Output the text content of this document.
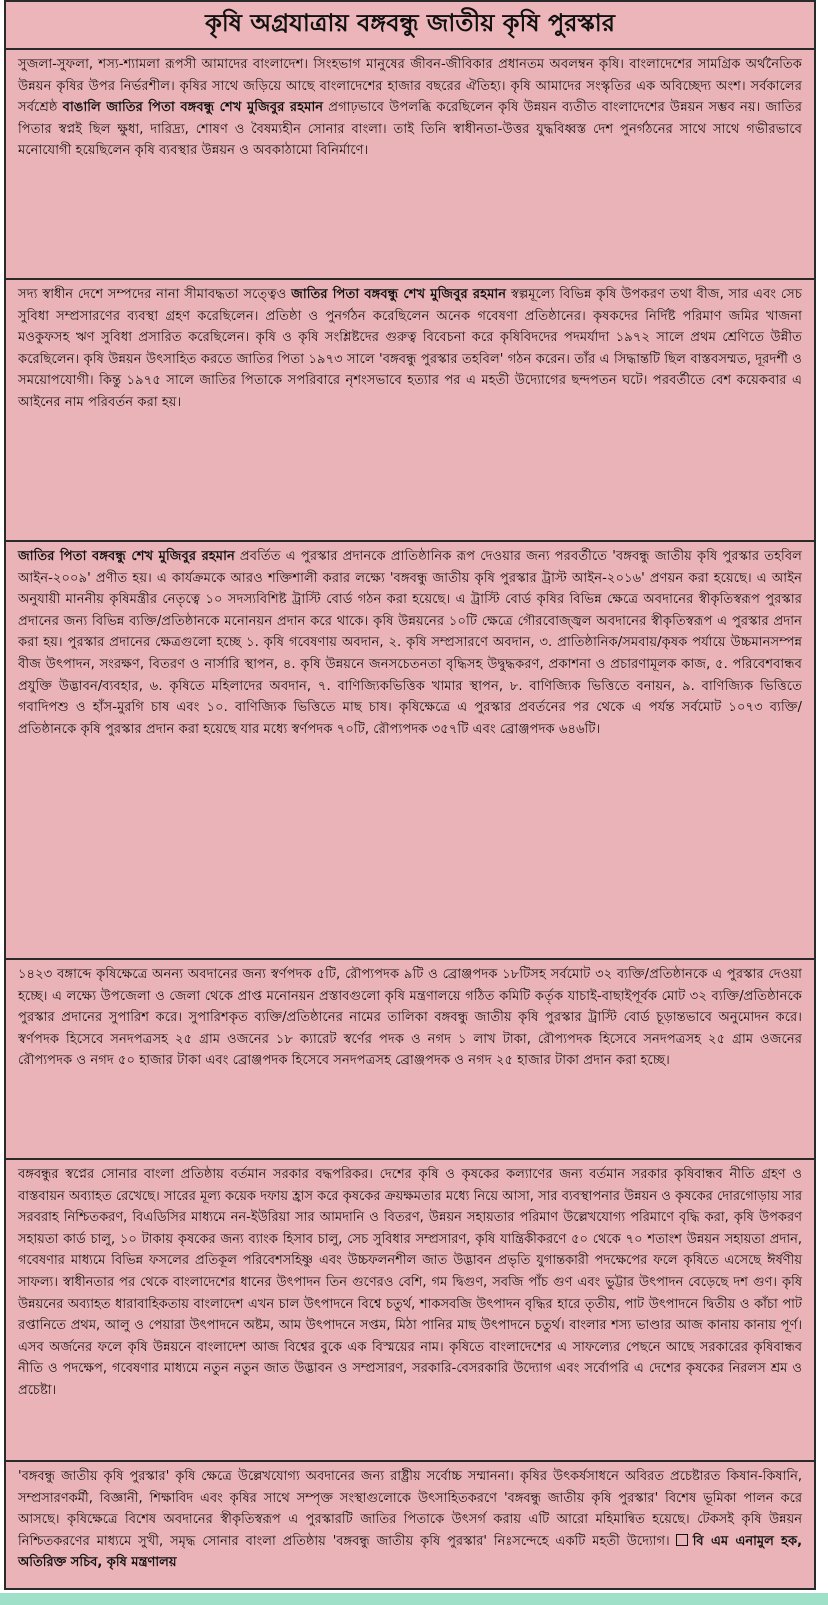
কৃষি অগ্রযাত্রায় বঙ্গবন্ধু জাতীয় কৃষি পুরস্কার
সুজলা-সুফলা, শস্য-শ্যামলা রূপসী আমাদের বাংলাদেশ। সিংহভাগ মানুষের জীবন-জীবিকার প্রধানতম অবলম্বন কৃষি। বাংলাদেশের সামগ্রিক অর্থনৈতিক উন্নয়ন কৃষির উপর নির্ভরশীল। কৃষির সাথে জড়িয়ে আছে বাংলাদেশের হাজার বছরের ঐতিহ্য। কৃষি আমাদের সংস্কৃতির এক অবিচ্ছেদ্য অংশ। সর্বকালের সর্বশ্রেষ্ঠ বাঙালি জাতির পিতা বঙ্গবন্ধু শেখ মুজিবুর রহমান প্রগাঢ়ভাবে উপলব্ধি করেছিলেন কৃষি উন্নয়ন ব্যতীত বাংলাদেশের উন্নয়ন সম্ভব নয়। জাতির পিতার স্বপ্নই ছিল ক্ষুধা, দারিদ্র্য, শোষণ ও বৈষম্যহীন সোনার বাংলা। তাই তিনি স্বাধীনতা-উত্তর যুদ্ধবিধ্বস্ত দেশ পুনর্গঠনের সাথে সাথে গভীরভাবে মনোযোগী হয়েছিলেন কৃষি ব্যবস্থার উন্নয়ন ও অবকাঠামো বিনির্মাণে।
সদ্য স্বাধীন দেশে সম্পদের নানা সীমাবদ্ধতা সত্ত্বেও জাতির পিতা বঙ্গবন্ধু শেখ মুজিবুর রহমান স্বল্পমূল্যে বিভিন্ন কৃষি উপকরণ তথা বীজ, সার এবং সেচ সুবিধা সম্প্রসারণের ব্যবস্থা গ্রহণ করেছিলেন। প্রতিষ্ঠা ও পুনর্গঠন করেছিলেন অনেক গবেষণা প্রতিষ্ঠানের। কৃষকদের নির্দিষ্ট পরিমাণ জমির খাজনা মওকুফসহ ঋণ সুবিধা প্রসারিত করেছিলেন। কৃষি ও কৃষি সংশ্লিষ্টদের গুরুত্ব বিবেচনা করে কৃষিবিদদের পদমর্যাদা ১৯৭২ সালে প্রথম শ্রেণিতে উন্নীত করেছিলেন। কৃষি উন্নয়ন উৎসাহিত করতে জাতির পিতা ১৯৭৩ সালে 'বঙ্গবন্ধু পুরস্কার তহবিল' গঠন করেন। তাঁর এ সিদ্ধান্তটি ছিল বাস্তবসম্মত, দূরদর্শী ও সময়োপযোগী। কিন্তু ১৯৭৫ সালে জাতির পিতাকে সপরিবারে নৃশংসভাবে হত্যার পর এ মহতী উদ্যোগের ছন্দপতন ঘটে। পরবর্তীতে বেশ কয়েকবার এ আইনের নাম পরিবর্তন করা হয়।
জাতির পিতা বঙ্গবন্ধু শেখ মুজিবুর রহমান প্রবর্তিত এ পুরস্কার প্রদানকে প্রাতিষ্ঠানিক রূপ দেওয়ার জন্য পরবর্তীতে 'বঙ্গবন্ধু জাতীয় কৃষি পুরস্কার তহবিল আইন-২০০৯' প্রণীত হয়। এ কার্যক্রমকে আরও শক্তিশালী করার লক্ষ্যে 'বঙ্গবন্ধু জাতীয় কৃষি পুরস্কার ট্রাস্ট আইন-২০১৬' প্রণয়ন করা হয়েছে। এ আইন অনুযায়ী মাননীয় কৃষিমন্ত্রীর নেতৃত্বে ১০ সদস্যবিশিষ্ট ট্রাস্টি বোর্ড গঠন করা হয়েছে। এ ট্রাস্টি বোর্ড কৃষির বিভিন্ন ক্ষেত্রে অবদানের স্বীকৃতিস্বরূপ পুরস্কার প্রদানের জন্য বিভিন্ন ব্যক্তি/প্রতিষ্ঠানকে মনোনয়ন প্রদান করে থাকে। কৃষি উন্নয়নের ১০টি ক্ষেত্রে গৌরবোজ্জ্বল অবদানের স্বীকৃতিস্বরূপ এ পুরস্কার প্রদান করা হয়। পুরস্কার প্রদানের ক্ষেত্রগুলো হচ্ছে ১. কৃষি গবেষণায় অবদান, ২. কৃষি সম্প্রসারণে অবদান, ৩. প্রাতিষ্ঠানিক/সমবায়/কৃষক পর্যায়ে উচ্চমানসম্পন্ন বীজ উৎপাদন, সংরক্ষণ, বিতরণ ও নার্সারি স্থাপন, ৪. কৃষি উন্নয়নে জনসচেতনতা বৃদ্ধিসহ উদ্বুদ্ধকরণ, প্রকাশনা ও প্রচারণামূলক কাজ, ৫. পরিবেশবান্ধব প্রযুক্তি উদ্ভাবন/ব্যবহার, ৬. কৃষিতে মহিলাদের অবদান, ৭. বাণিজ্যিকভিত্তিক খামার স্থাপন, ৮. বাণিজ্যিক ভিত্তিতে বনায়ন, ৯. বাণিজ্যিক ভিত্তিতে গবাদিপশু ও হাঁস-মুরগি চাষ এবং ১০. বাণিজ্যিক ভিত্তিতে মাছ চাষ। কৃষিক্ষেত্রে এ পুরস্কার প্রবর্তনের পর থেকে এ পর্যন্ত সর্বমোট ১০৭৩ ব্যক্তি/প্রতিষ্ঠানকে কৃষি পুরস্কার প্রদান করা হয়েছে যার মধ্যে স্বর্ণপদক ৭০টি, রৌপ্যপদক ৩৫৭টি এবং ব্রোঞ্জপদক ৬৪৬টি।
১৪২৩ বঙ্গাব্দে কৃষিক্ষেত্রে অনন্য অবদানের জন্য স্বর্ণপদক ৫টি, রৌপ্যপদক ৯টি ও ব্রোঞ্জপদক ১৮টিসহ সর্বমোট ৩২ ব্যক্তি/প্রতিষ্ঠানকে এ পুরস্কার দেওয়া হচ্ছে। এ লক্ষ্যে উপজেলা ও জেলা থেকে প্রাপ্ত মনোনয়ন প্রস্তাবগুলো কৃষি মন্ত্রণালয়ে গঠিত কমিটি কর্তৃক যাচাই-বাছাইপূর্বক মোট ৩২ ব্যক্তি/প্রতিষ্ঠানকে পুরস্কার প্রদানের সুপারিশ করে। সুপারিশকৃত ব্যক্তি/প্রতিষ্ঠানের নামের তালিকা বঙ্গবন্ধু জাতীয় কৃষি পুরস্কার ট্রাস্টি বোর্ড চূড়ান্তভাবে অনুমোদন করে। স্বর্ণপদক হিসেবে সনদপত্রসহ ২৫ গ্রাম ওজনের ১৮ ক্যারেট স্বর্ণের পদক ও নগদ ১ লাখ টাকা, রৌপ্যপদক হিসেবে সনদপত্রসহ ২৫ গ্রাম ওজনের রৌপ্যপদক ও নগদ ৫০ হাজার টাকা এবং ব্রোঞ্জপদক হিসেবে সনদপত্রসহ ব্রোঞ্জপদক ও নগদ ২৫ হাজার টাকা প্রদান করা হচ্ছে।
বঙ্গবন্ধুর স্বপ্নের সোনার বাংলা প্রতিষ্ঠায় বর্তমান সরকার বদ্ধপরিকর। দেশের কৃষি ও কৃষকের কল্যাণের জন্য বর্তমান সরকার কৃষিবান্ধব নীতি গ্রহণ ও বাস্তবায়ন অব্যাহত রেখেছে। সারের মূল্য কয়েক দফায় হ্রাস করে কৃষকের ক্রয়ক্ষমতার মধ্যে নিয়ে আসা, সার ব্যবস্থাপনার উন্নয়ন ও কৃষকের দোরগোড়ায় সার সরবরাহ নিশ্চিতকরণ, বিএডিসির মাধ্যমে নন-ইউরিয়া সার আমদানি ও বিতরণ, উন্নয়ন সহায়তার পরিমাণ উল্লেখযোগ্য পরিমাণে বৃদ্ধি করা, কৃষি উপকরণ সহায়তা কার্ড চালু, ১০ টাকায় কৃষকের জন্য ব্যাংক হিসাব চালু, সেচ সুবিধার সম্প্রসারণ, কৃষি যান্ত্রিকীকরণে ৫০ থেকে ৭০ শতাংশ উন্নয়ন সহায়তা প্রদান, গবেষণার মাধ্যমে বিভিন্ন ফসলের প্রতিকূল পরিবেশসহিষ্ণু এবং উচ্চফলনশীল জাত উদ্ভাবন প্রভৃতি যুগান্তকারী পদক্ষেপের ফলে কৃষিতে এসেছে ঈর্ষণীয় সাফল্য। স্বাধীনতার পর থেকে বাংলাদেশের ধানের উৎপাদন তিন গুণেরও বেশি, গম দ্বিগুণ, সবজি পাঁচ গুণ এবং ভুট্টার উৎপাদন বেড়েছে দশ গুণ। কৃষি উন্নয়নের অব্যাহত ধারাবাহিকতায় বাংলাদেশ এখন চাল উৎপাদনে বিশ্বে চতুর্থ, শাকসবজি উৎপাদন বৃদ্ধির হারে তৃতীয়, পাট উৎপাদনে দ্বিতীয় ও কাঁচা পাট রপ্তানিতে প্রথম, আলু ও পেয়ারা উৎপাদনে অষ্টম, আম উৎপাদনে সপ্তম, মিঠা পানির মাছ উৎপাদনে চতুর্থ। বাংলার শস্য ভাণ্ডার আজ কানায় কানায় পূর্ণ। এসব অর্জনের ফলে কৃষি উন্নয়নে বাংলাদেশ আজ বিশ্বের বুকে এক বিস্ময়ের নাম। কৃষিতে বাংলাদেশের এ সাফল্যের পেছনে আছে সরকারের কৃষিবান্ধব নীতি ও পদক্ষেপ, গবেষণার মাধ্যমে নতুন নতুন জাত উদ্ভাবন ও সম্প্রসারণ, সরকারি-বেসরকারি উদ্যোগ এবং সর্বোপরি এ দেশের কৃষকের নিরলস শ্রম ও প্রচেষ্টা।
'বঙ্গবন্ধু জাতীয় কৃষি পুরস্কার' কৃষি ক্ষেত্রে উল্লেখযোগ্য অবদানের জন্য রাষ্ট্রীয় সর্বোচ্চ সম্মাননা। কৃষির উৎকর্ষসাধনে অবিরত প্রচেষ্টারত কিষান-কিষানি, সম্প্রসারণকর্মী, বিজ্ঞানী, শিক্ষাবিদ এবং কৃষির সাথে সম্পৃক্ত সংস্থাগুলোকে উৎসাহিতকরণে 'বঙ্গবন্ধু জাতীয় কৃষি পুরস্কার' বিশেষ ভূমিকা পালন করে আসছে। কৃষিক্ষেত্রে বিশেষ অবদানের স্বীকৃতিস্বরূপ এ পুরস্কারটি জাতির পিতাকে উৎসর্গ করায় এটি আরো মহিমান্বিত হয়েছে। টেকসই কৃষি উন্নয়ন নিশ্চিতকরণের মাধ্যমে সুখী, সমৃদ্ধ সোনার বাংলা প্রতিষ্ঠায় 'বঙ্গবন্ধু জাতীয় কৃষি পুরস্কার' নিঃসন্দেহে একটি মহতী উদ্যোগ। বি এম এনামুল হক, অতিরিক্ত সচিব, কৃষি মন্ত্রণালয়
